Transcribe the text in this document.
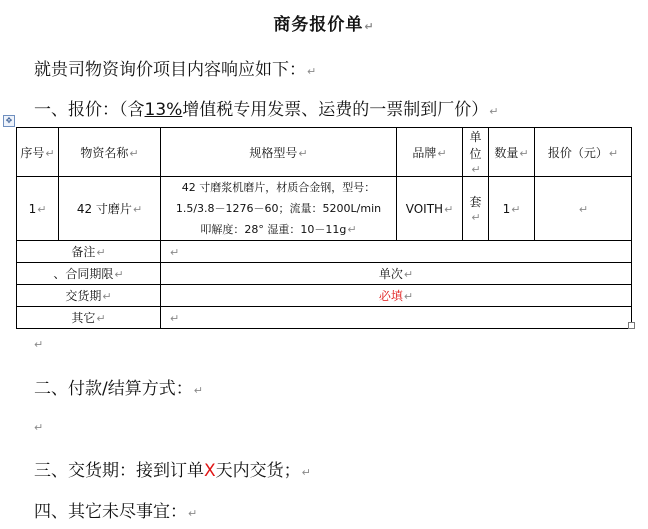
商务报价单↵
就贵司物资询价项目内容响应如下：↵
一、报价：（含13%增值税专用发票、运费的一票制到厂价）↵
✥
序号↵	物资名称↵	规格型号↵	品牌↵	单位↵	数量↵	报价（元）↵
1↵	42 寸磨片↵	42 寸磨浆机磨片，材质合金钢，型号：
1.5/3.8－1276－60；流量：5200L/min
叩解度：28° 湿重：10－11g↵	VOITH↵	套↵	1↵	↵
备注↵		↵				
、合同期限↵		单次↵				
交货期↵		必填↵				
其它↵		↵				
↵
二、付款/结算方式：↵
↵
三、交货期：接到订单X天内交货；↵
四、其它未尽事宜：↵
